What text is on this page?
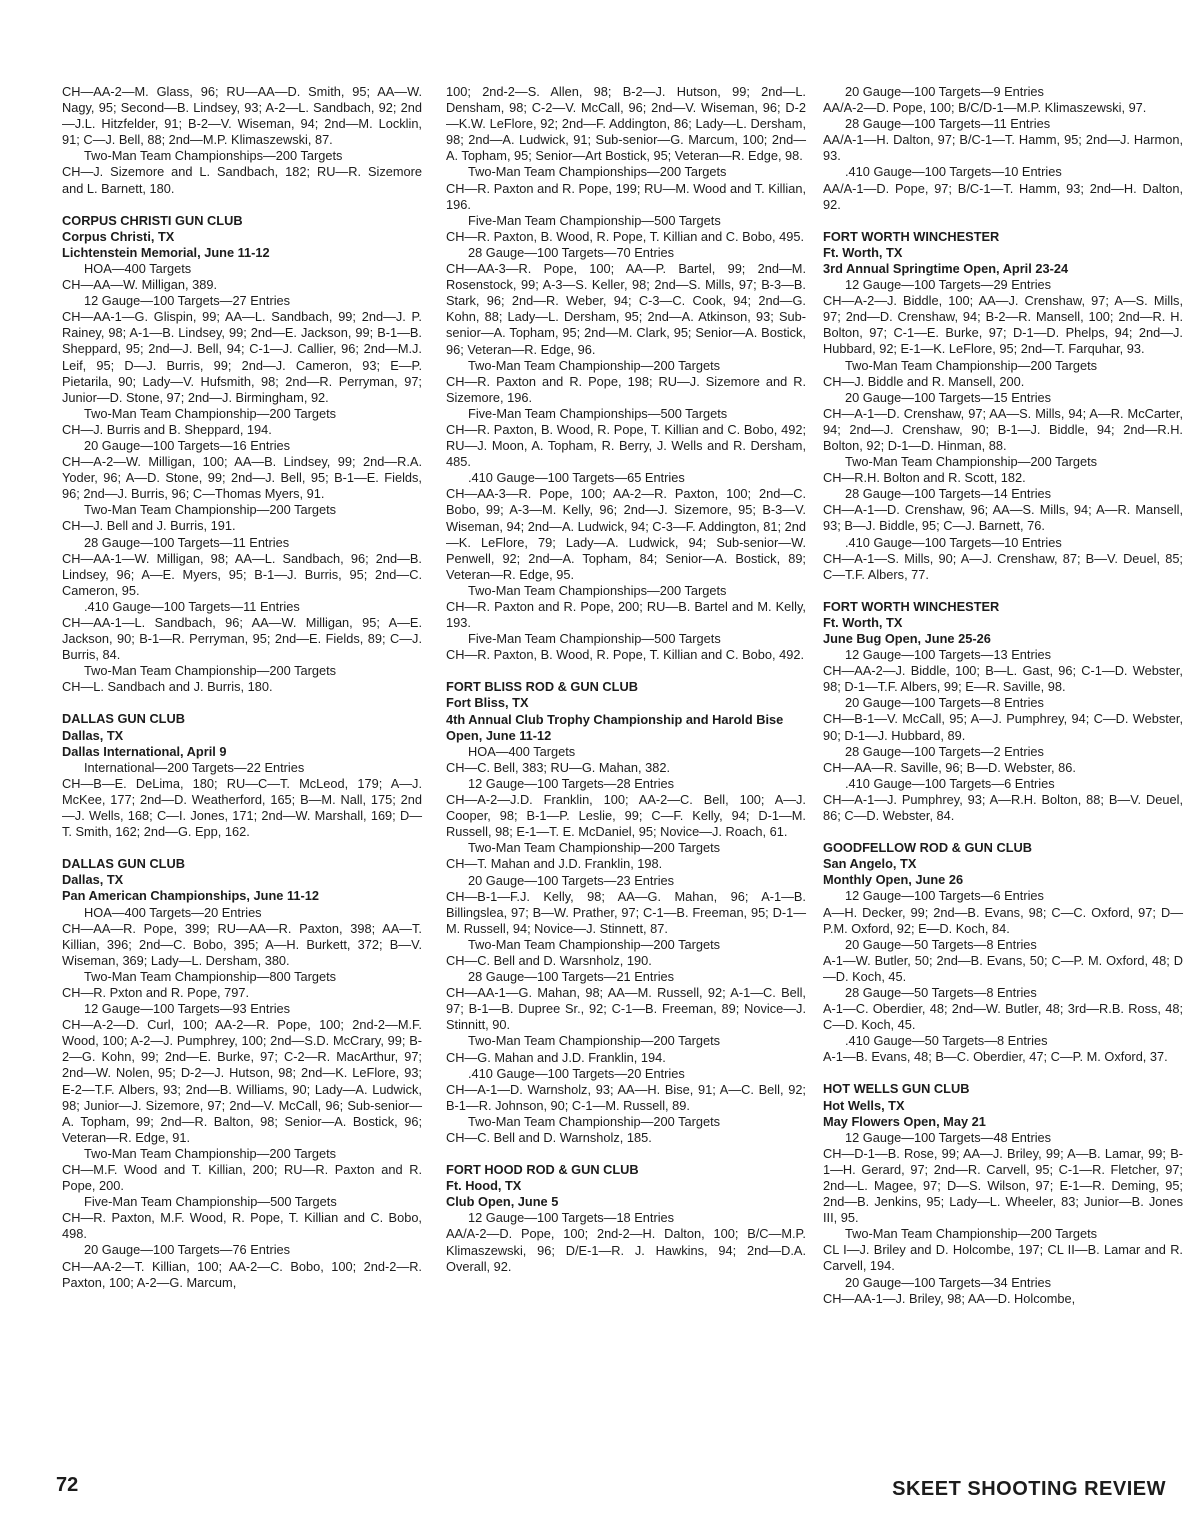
CH—AA-2—M. Glass, 96; RU—AA—D. Smith, 95; AA—W. Nagy, 95; Second—B. Lindsey, 93; A-2—L. Sandbach, 92; 2nd—J.L. Hitzfelder, 91; B-2—V. Wiseman, 94; 2nd—M. Locklin, 91; C—J. Bell, 88; 2nd—M.P. Klimaszewski, 87.
Two-Man Team Championships—200 Targets
CH—J. Sizemore and L. Sandbach, 182; RU—R. Sizemore and L. Barnett, 180.
CORPUS CHRISTI GUN CLUB
Corpus Christi, TX
Lichtenstein Memorial, June 11-12
HOA—400 Targets
CH—AA—W. Milligan, 389.
12 Gauge—100 Targets—27 Entries
CH—AA-1—G. Glispin, 99; AA—L. Sandbach, 99; 2nd—J. P. Rainey, 98; A-1—B. Lindsey, 99; 2nd—E. Jackson, 99; B-1—B. Sheppard, 95; 2nd—J. Bell, 94; C-1—J. Callier, 96; 2nd—M.J. Leif, 95; D—J. Burris, 99; 2nd—J. Cameron, 93; E—P. Pietarila, 90; Lady—V. Hufsmith, 98; 2nd—R. Perryman, 97; Junior—D. Stone, 97; 2nd—J. Birmingham, 92.
Two-Man Team Championship—200 Targets
CH—J. Burris and B. Sheppard, 194.
20 Gauge—100 Targets—16 Entries
CH—A-2—W. Milligan, 100; AA—B. Lindsey, 99; 2nd—R.A. Yoder, 96; A—D. Stone, 99; 2nd—J. Bell, 95; B-1—E. Fields, 96; 2nd—J. Burris, 96; C—Thomas Myers, 91.
Two-Man Team Championship—200 Targets
CH—J. Bell and J. Burris, 191.
28 Gauge—100 Targets—11 Entries
CH—AA-1—W. Milligan, 98; AA—L. Sandbach, 96; 2nd—B. Lindsey, 96; A—E. Myers, 95; B-1—J. Burris, 95; 2nd—C. Cameron, 95.
.410 Gauge—100 Targets—11 Entries
CH—AA-1—L. Sandbach, 96; AA—W. Milligan, 95; A—E. Jackson, 90; B-1—R. Perryman, 95; 2nd—E. Fields, 89; C—J. Burris, 84.
Two-Man Team Championship—200 Targets
CH—L. Sandbach and J. Burris, 180.
DALLAS GUN CLUB
Dallas, TX
Dallas International, April 9
International—200 Targets—22 Entries
CH—B—E. DeLima, 180; RU—C—T. McLeod, 179; A—J. McKee, 177; 2nd—D. Weatherford, 165; B—M. Nall, 175; 2nd—J. Wells, 168; C—I. Jones, 171; 2nd—W. Marshall, 169; D—T. Smith, 162; 2nd—G. Epp, 162.
DALLAS GUN CLUB
Dallas, TX
Pan American Championships, June 11-12
HOA—400 Targets—20 Entries
CH—AA—R. Pope, 399; RU—AA—R. Paxton, 398; AA—T. Killian, 396; 2nd—C. Bobo, 395; A—H. Burkett, 372; B—V. Wiseman, 369; Lady—L. Dersham, 380.
Two-Man Team Championship—800 Targets
CH—R. Pxton and R. Pope, 797.
12 Gauge—100 Targets—93 Entries
CH—A-2—D. Curl, 100; AA-2—R. Pope, 100; 2nd-2—M.F. Wood, 100; A-2—J. Pumphrey, 100; 2nd—S.D. McCrary, 99; B-2—G. Kohn, 99; 2nd—E. Burke, 97; C-2—R. MacArthur, 97; 2nd—W. Nolen, 95; D-2—J. Hutson, 98; 2nd—K. LeFlore, 93; E-2—T.F. Albers, 93; 2nd—B. Williams, 90; Lady—A. Ludwick, 98; Junior—J. Sizemore, 97; 2nd—V. McCall, 96; Sub-senior—A. Topham, 99; 2nd—R. Balton, 98; Senior—A. Bostick, 96; Veteran—R. Edge, 91.
Two-Man Team Championship—200 Targets
CH—M.F. Wood and T. Killian, 200; RU—R. Paxton and R. Pope, 200.
Five-Man Team Championship—500 Targets
CH—R. Paxton, M.F. Wood, R. Pope, T. Killian and C. Bobo, 498.
20 Gauge—100 Targets—76 Entries
CH—AA-2—T. Killian, 100; AA-2—C. Bobo, 100; 2nd-2—R. Paxton, 100; A-2—G. Marcum,
100; 2nd-2—S. Allen, 98; B-2—J. Hutson, 99; 2nd—L. Densham, 98; C-2—V. McCall, 96; 2nd—V. Wiseman, 96; D-2—K.W. LeFlore, 92; 2nd—F. Addington, 86; Lady—L. Dersham, 98; 2nd—A. Ludwick, 91; Sub-senior—G. Marcum, 100; 2nd—A. Topham, 95; Senior—Art Bostick, 95; Veteran—R. Edge, 98.
Two-Man Team Championships—200 Targets
CH—R. Paxton and R. Pope, 199; RU—M. Wood and T. Killian, 196.
Five-Man Team Championship—500 Targets
CH—R. Paxton, B. Wood, R. Pope, T. Killian and C. Bobo, 495.
28 Gauge—100 Targets—70 Entries
CH—AA-3—R. Pope, 100; AA—P. Bartel, 99; 2nd—M. Rosenstock, 99; A-3—S. Keller, 98; 2nd—S. Mills, 97; B-3—B. Stark, 96; 2nd—R. Weber, 94; C-3—C. Cook, 94; 2nd—G. Kohn, 88; Lady—L. Dersham, 95; 2nd—A. Atkinson, 93; Sub-senior—A. Topham, 95; 2nd—M. Clark, 95; Senior—A. Bostick, 96; Veteran—R. Edge, 96.
Two-Man Team Championship—200 Targets
CH—R. Paxton and R. Pope, 198; RU—J. Sizemore and R. Sizemore, 196.
Five-Man Team Championships—500 Targets
CH—R. Paxton, B. Wood, R. Pope, T. Killian and C. Bobo, 492; RU—J. Moon, A. Topham, R. Berry, J. Wells and R. Dersham, 485.
.410 Gauge—100 Targets—65 Entries
CH—AA-3—R. Pope, 100; AA-2—R. Paxton, 100; 2nd—C. Bobo, 99; A-3—M. Kelly, 96; 2nd—J. Sizemore, 95; B-3—V. Wiseman, 94; 2nd—A. Ludwick, 94; C-3—F. Addington, 81; 2nd—K. LeFlore, 79; Lady—A. Ludwick, 94; Sub-senior—W. Penwell, 92; 2nd—A. Topham, 84; Senior—A. Bostick, 89; Veteran—R. Edge, 95.
Two-Man Team Championships—200 Targets
CH—R. Paxton and R. Pope, 200; RU—B. Bartel and M. Kelly, 193.
Five-Man Team Championship—500 Targets
CH—R. Paxton, B. Wood, R. Pope, T. Killian and C. Bobo, 492.
FORT BLISS ROD & GUN CLUB
Fort Bliss, TX
4th Annual Club Trophy Championship and Harold Bise Open, June 11-12
HOA—400 Targets
CH—C. Bell, 383; RU—G. Mahan, 382.
12 Gauge—100 Targets—28 Entries
CH—A-2—J.D. Franklin, 100; AA-2—C. Bell, 100; A—J. Cooper, 98; B-1—P. Leslie, 99; C—F. Kelly, 94; D-1—M. Russell, 98; E-1—T. E. McDaniel, 95; Novice—J. Roach, 61.
Two-Man Team Championship—200 Targets
CH—T. Mahan and J.D. Franklin, 198.
20 Gauge—100 Targets—23 Entries
CH—B-1—F.J. Kelly, 98; AA—G. Mahan, 96; A-1—B. Billingslea, 97; B—W. Prather, 97; C-1—B. Freeman, 95; D-1—M. Russell, 94; Novice—J. Stinnett, 87.
Two-Man Team Championship—200 Targets
CH—C. Bell and D. Warsnholz, 190.
28 Gauge—100 Targets—21 Entries
CH—AA-1—G. Mahan, 98; AA—M. Russell, 92; A-1—C. Bell, 97; B-1—B. Dupree Sr., 92; C-1—B. Freeman, 89; Novice—J. Stinnitt, 90.
Two-Man Team Championship—200 Targets
CH—G. Mahan and J.D. Franklin, 194.
.410 Gauge—100 Targets—20 Entries
CH—A-1—D. Warnsholz, 93; AA—H. Bise, 91; A—C. Bell, 92; B-1—R. Johnson, 90; C-1—M. Russell, 89.
Two-Man Team Championship—200 Targets
CH—C. Bell and D. Warnsholz, 185.
FORT HOOD ROD & GUN CLUB
Ft. Hood, TX
Club Open, June 5
12 Gauge—100 Targets—18 Entries
AA/A-2—D. Pope, 100; 2nd-2—H. Dalton, 100; B/C—M.P. Klimaszewski, 96; D/E-1—R. J. Hawkins, 94; 2nd—D.A. Overall, 92.
20 Gauge—100 Targets—9 Entries
AA/A-2—D. Pope, 100; B/C/D-1—M.P. Klimaszewski, 97.
28 Gauge—100 Targets—11 Entries
AA/A-1—H. Dalton, 97; B/C-1—T. Hamm, 95; 2nd—J. Harmon, 93.
.410 Gauge—100 Targets—10 Entries
AA/A-1—D. Pope, 97; B/C-1—T. Hamm, 93; 2nd—H. Dalton, 92.
FORT WORTH WINCHESTER
Ft. Worth, TX
3rd Annual Springtime Open, April 23-24
12 Gauge—100 Targets—29 Entries
CH—A-2—J. Biddle, 100; AA—J. Crenshaw, 97; A—S. Mills, 97; 2nd—D. Crenshaw, 94; B-2—R. Mansell, 100; 2nd—R. H. Bolton, 97; C-1—E. Burke, 97; D-1—D. Phelps, 94; 2nd—J. Hubbard, 92; E-1—K. LeFlore, 95; 2nd—T. Farquhar, 93.
Two-Man Team Championship—200 Targets
CH—J. Biddle and R. Mansell, 200.
20 Gauge—100 Targets—15 Entries
CH—A-1—D. Crenshaw, 97; AA—S. Mills, 94; A—R. McCarter, 94; 2nd—J. Crenshaw, 90; B-1—J. Biddle, 94; 2nd—R.H. Bolton, 92; D-1—D. Hinman, 88.
Two-Man Team Championship—200 Targets
CH—R.H. Bolton and R. Scott, 182.
28 Gauge—100 Targets—14 Entries
CH—A-1—D. Crenshaw, 96; AA—S. Mills, 94; A—R. Mansell, 93; B—J. Biddle, 95; C—J. Barnett, 76.
.410 Gauge—100 Targets—10 Entries
CH—A-1—S. Mills, 90; A—J. Crenshaw, 87; B—V. Deuel, 85; C—T.F. Albers, 77.
FORT WORTH WINCHESTER
Ft. Worth, TX
June Bug Open, June 25-26
12 Gauge—100 Targets—13 Entries
CH—AA-2—J. Biddle, 100; B—L. Gast, 96; C-1—D. Webster, 98; D-1—T.F. Albers, 99; E—R. Saville, 98.
20 Gauge—100 Targets—8 Entries
CH—B-1—V. McCall, 95; A—J. Pumphrey, 94; C—D. Webster, 90; D-1—J. Hubbard, 89.
28 Gauge—100 Targets—2 Entries
CH—AA—R. Saville, 96; B—D. Webster, 86.
.410 Gauge—100 Targets—6 Entries
CH—A-1—J. Pumphrey, 93; A—R.H. Bolton, 88; B—V. Deuel, 86; C—D. Webster, 84.
GOODFELLOW ROD & GUN CLUB
San Angelo, TX
Monthly Open, June 26
12 Gauge—100 Targets—6 Entries
A—H. Decker, 99; 2nd—B. Evans, 98; C—C. Oxford, 97; D—P.M. Oxford, 92; E—D. Koch, 84.
20 Gauge—50 Targets—8 Entries
A-1—W. Butler, 50; 2nd—B. Evans, 50; C—P. M. Oxford, 48; D—D. Koch, 45.
28 Gauge—50 Targets—8 Entries
A-1—C. Oberdier, 48; 2nd—W. Butler, 48; 3rd—R.B. Ross, 48; C—D. Koch, 45.
.410 Gauge—50 Targets—8 Entries
A-1—B. Evans, 48; B—C. Oberdier, 47; C—P. M. Oxford, 37.
HOT WELLS GUN CLUB
Hot Wells, TX
May Flowers Open, May 21
12 Gauge—100 Targets—48 Entries
CH—D-1—B. Rose, 99; AA—J. Briley, 99; A—B. Lamar, 99; B-1—H. Gerard, 97; 2nd—R. Carvell, 95; C-1—R. Fletcher, 97; 2nd—L. Magee, 97; D—S. Wilson, 97; E-1—R. Deming, 95; 2nd—B. Jenkins, 95; Lady—L. Wheeler, 83; Junior—B. Jones III, 95.
Two-Man Team Championship—200 Targets
CL I—J. Briley and D. Holcombe, 197; CL II—B. Lamar and R. Carvell, 194.
20 Gauge—100 Targets—34 Entries
CH—AA-1—J. Briley, 98; AA—D. Holcombe,
72	SKEET SHOOTING REVIEW
